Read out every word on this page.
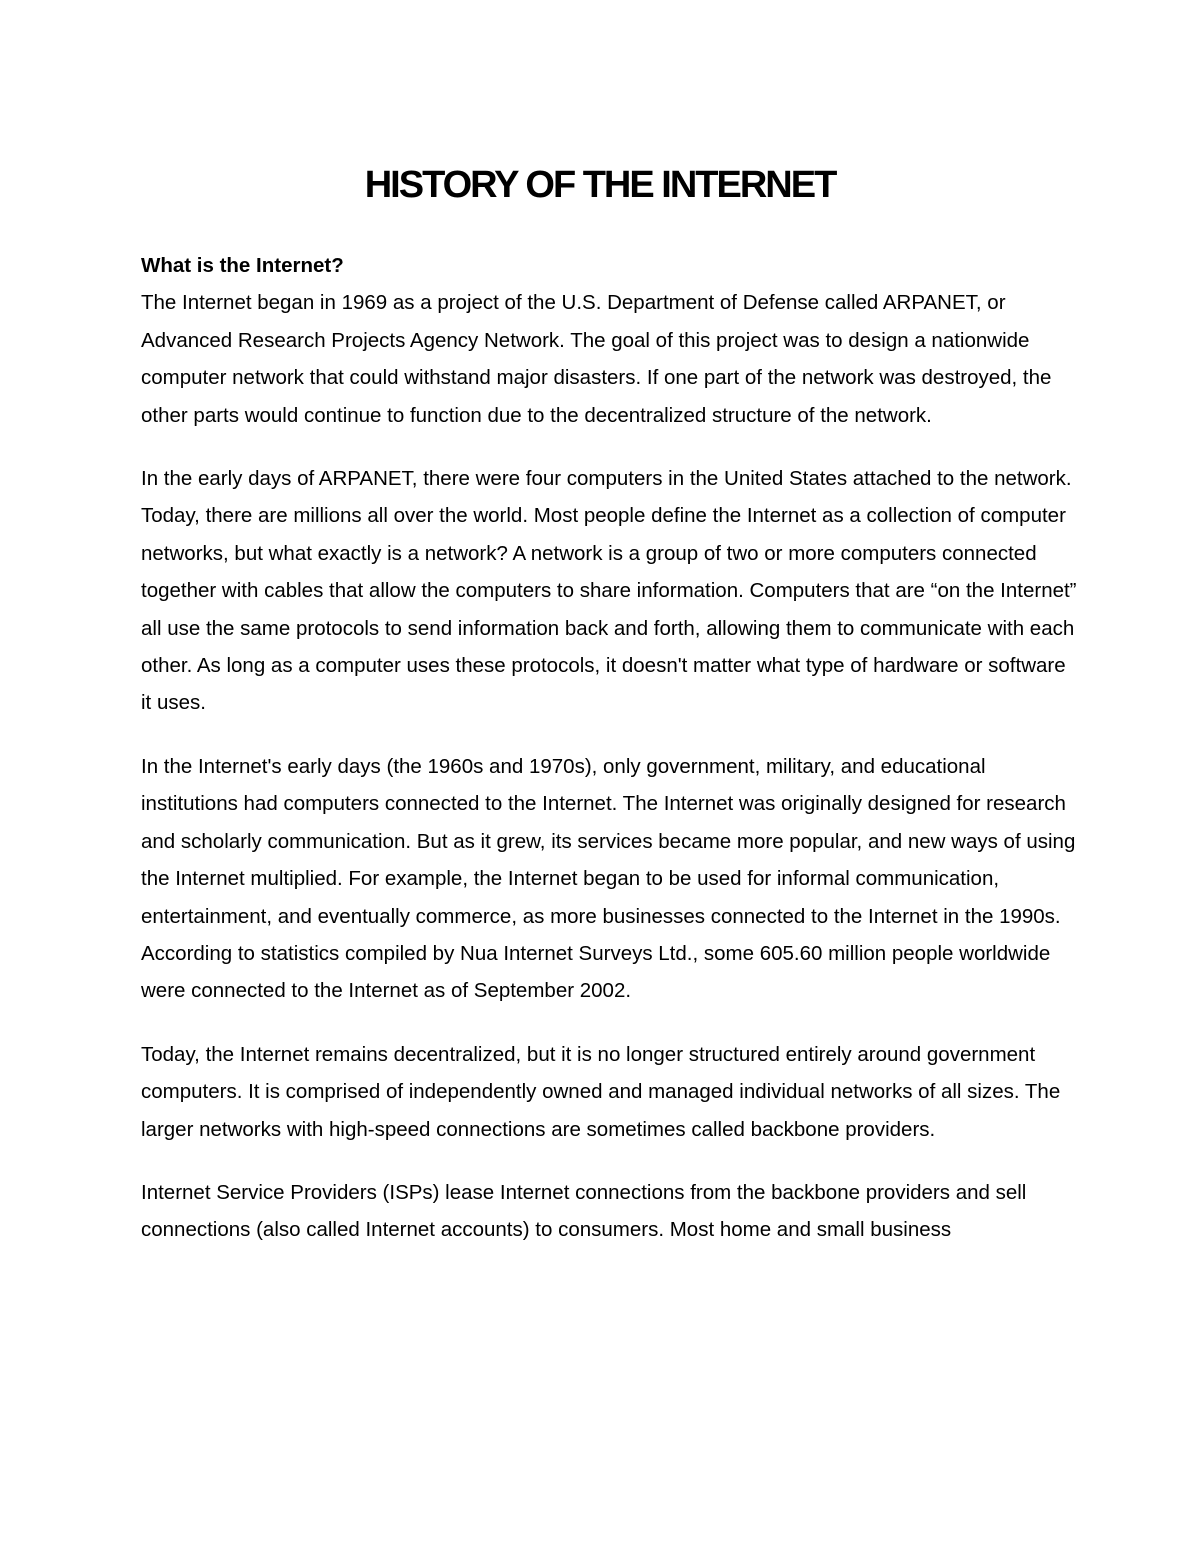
HISTORY OF THE INTERNET

What is the Internet?

The Internet began in 1969 as a project of the U.S. Department of Defense called ARPANET, or Advanced Research Projects Agency Network. The goal of this project was to design a nationwide computer network that could withstand major disasters. If one part of the network was destroyed, the other parts would continue to function due to the decentralized structure of the network.

In the early days of ARPANET, there were four computers in the United States attached to the network. Today, there are millions all over the world. Most people define the Internet as a collection of computer networks, but what exactly is a network? A network is a group of two or more computers connected together with cables that allow the computers to share information. Computers that are “on the Internet” all use the same protocols to send information back and forth, allowing them to communicate with each other. As long as a computer uses these protocols, it doesn't matter what type of hardware or software it uses.

In the Internet's early days (the 1960s and 1970s), only government, military, and educational institutions had computers connected to the Internet. The Internet was originally designed for research and scholarly communication. But as it grew, its services became more popular, and new ways of using the Internet multiplied. For example, the Internet began to be used for informal communication, entertainment, and eventually commerce, as more businesses connected to the Internet in the 1990s. According to statistics compiled by Nua Internet Surveys Ltd., some 605.60 million people worldwide were connected to the Internet as of September 2002.

Today, the Internet remains decentralized, but it is no longer structured entirely around government computers. It is comprised of independently owned and managed individual networks of all sizes. The larger networks with high-speed connections are sometimes called backbone providers.

Internet Service Providers (ISPs) lease Internet connections from the backbone providers and sell connections (also called Internet accounts) to consumers. Most home and small business
